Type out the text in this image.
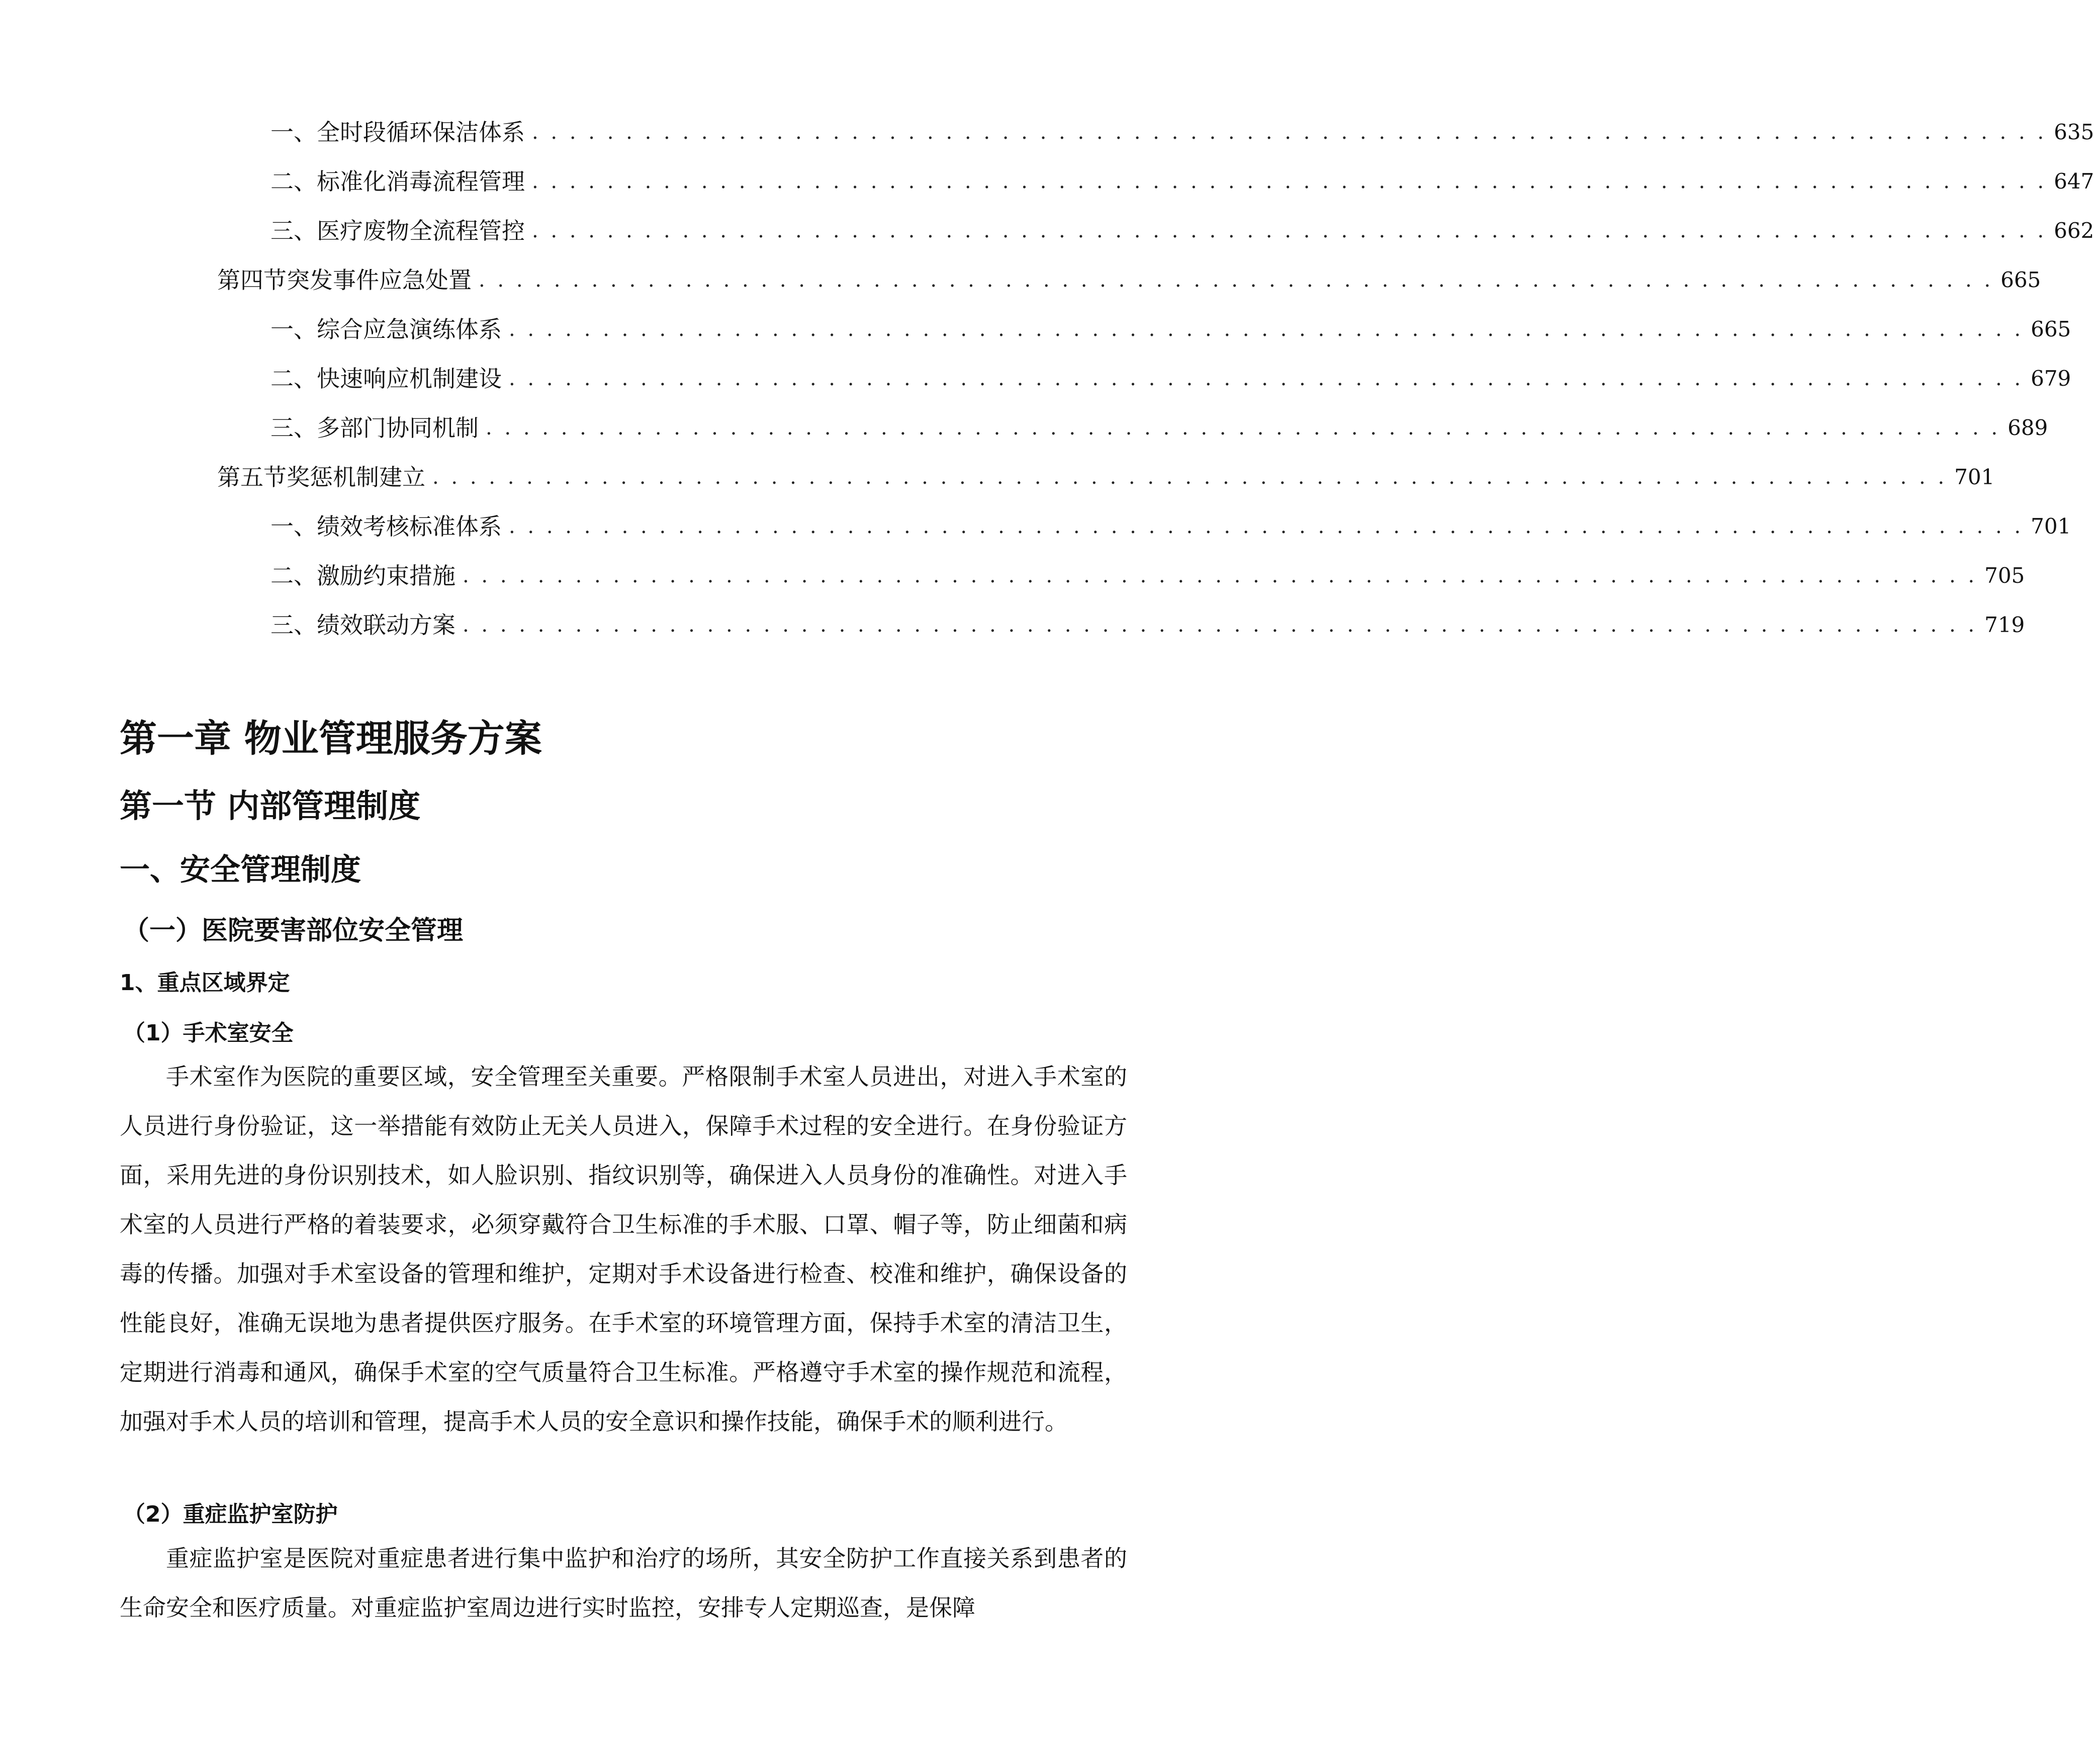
一、 全时段循环保洁体系 . . . . . . . . . . . . . . . . . . . . . . . . . . . . . . . . . . . . . . . . . . . . . . . . . . . . . . . . . . . . . . . . . . . . . . . . . . . . . . . . . 635
二、 标准化消毒流程管理 . . . . . . . . . . . . . . . . . . . . . . . . . . . . . . . . . . . . . . . . . . . . . . . . . . . . . . . . . . . . . . . . . . . . . . . . . . . . . . . . . 647
三、 医疗废物全流程管控 . . . . . . . . . . . . . . . . . . . . . . . . . . . . . . . . . . . . . . . . . . . . . . . . . . . . . . . . . . . . . . . . . . . . . . . . . . . . . . . . . 662
第四节 突发事件应急处置 . . . . . . . . . . . . . . . . . . . . . . . . . . . . . . . . . . . . . . . . . . . . . . . . . . . . . . . . . . . . . . . . . . . . . . . . . . . . . . . . . 665
一、 综合应急演练体系 . . . . . . . . . . . . . . . . . . . . . . . . . . . . . . . . . . . . . . . . . . . . . . . . . . . . . . . . . . . . . . . . . . . . . . . . . . . . . . . . . 665
二、 快速响应机制建设 . . . . . . . . . . . . . . . . . . . . . . . . . . . . . . . . . . . . . . . . . . . . . . . . . . . . . . . . . . . . . . . . . . . . . . . . . . . . . . . . . 679
三、 多部门协同机制 . . . . . . . . . . . . . . . . . . . . . . . . . . . . . . . . . . . . . . . . . . . . . . . . . . . . . . . . . . . . . . . . . . . . . . . . . . . . . . . . . 689
第五节 奖惩机制建立 . . . . . . . . . . . . . . . . . . . . . . . . . . . . . . . . . . . . . . . . . . . . . . . . . . . . . . . . . . . . . . . . . . . . . . . . . . . . . . . . . 701
一、 绩效考核标准体系 . . . . . . . . . . . . . . . . . . . . . . . . . . . . . . . . . . . . . . . . . . . . . . . . . . . . . . . . . . . . . . . . . . . . . . . . . . . . . . . . . 701
二、 激励约束措施 . . . . . . . . . . . . . . . . . . . . . . . . . . . . . . . . . . . . . . . . . . . . . . . . . . . . . . . . . . . . . . . . . . . . . . . . . . . . . . . . . 705
三、 绩效联动方案 . . . . . . . . . . . . . . . . . . . . . . . . . . . . . . . . . . . . . . . . . . . . . . . . . . . . . . . . . . . . . . . . . . . . . . . . . . . . . . . . . 719
第一章 物业管理服务方案
第一节 内部管理制度
一、安全管理制度
（一）医院要害部位安全管理
1、重点区域界定
（1）手术室安全

手术室作为医院的重要区域，安全管理至关重要。严格限制手术室人员进出，对进入手术室的人员进行身份验证，这一举措能有效防止无关人员进入，保障手术过程的安全进行。在身份验证方面，采用先进的身份识别技术，如人脸识别、指纹识别等，确保进入人员身份的准确性。对进入手术室的人员进行严格的着装要求，必须穿戴符合卫生标准的手术服、口罩、帽子等，防止细菌和病毒的传播。加强对手术室设备的管理和维护，定期对手术设备进行检查、校准和维护，确保设备的性能良好，准确无误地为患者提供医疗服务。在手术室的环境管理方面，保持手术室的清洁卫生，定期进行消毒和通风，确保手术室的空气质量符合卫生标准。严格遵守手术室的操作规范和流程，加强对手术人员的培训和管理，提高手术人员的安全意识和操作技能，确保手术的顺利进行。

（2）重症监护室防护

重症监护室是医院对重症患者进行集中监护和治疗的场所，其安全防护工作直接关系到患者的生命安全和医疗质量。对重症监护室周边进行实时监控，安排专人定期巡查，是保障
